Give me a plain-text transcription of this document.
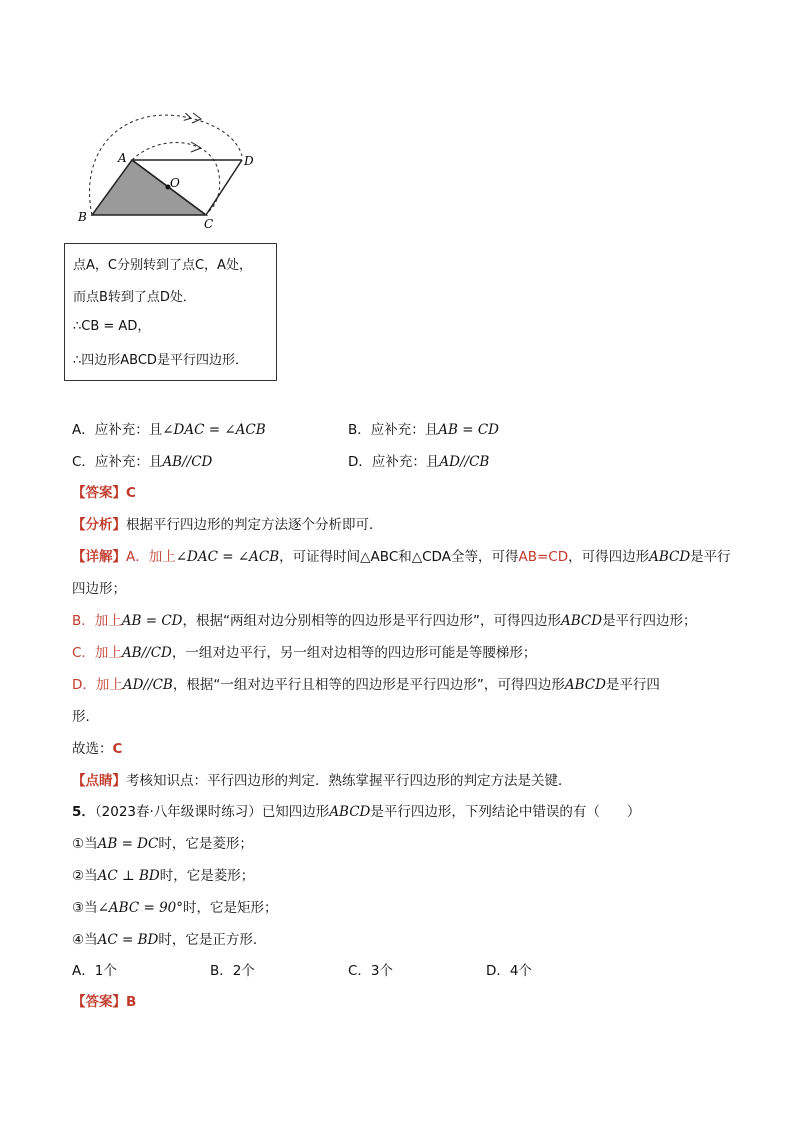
A
B	C
D
O
点A，C分别转到了点C，A处，
而点B转到了点D处．
∴CB = AD，
∴四边形ABCD是平行四边形．
A．应补充：且∠DAC = ∠ACB	B．应补充：且AB = CD
C．应补充：且AB//CD	D．应补充：且AD//CB
【答案】C
【分析】根据平行四边形的判定方法逐个分析即可．
【详解】A．加上∠DAC = ∠ACB，可证得时间△ABC和△CDA全等，可得AB=CD，可得四边形ABCD是平行
四边形；
B．加上AB = CD，根据“两组对边分别相等的四边形是平行四边形”，可得四边形ABCD是平行四边形；
C．加上AB//CD，一组对边平行，另一组对边相等的四边形可能是等腰梯形；
D．加上AD//CB，根据“一组对边平行且相等的四边形是平行四边形”，可得四边形ABCD是平行四
形．
故选：C
【点睛】考核知识点：平行四边形的判定．熟练掌握平行四边形的判定方法是关键．
5．（2023春·八年级课时练习）已知四边形ABCD是平行四边形，下列结论中错误的有（　　）
①当AB = DC时，它是菱形；
②当AC ⊥ BD时，它是菱形；
③当∠ABC = 90°时，它是矩形；
④当AC = BD时，它是正方形.
A．1个	B．2个	C．3个	D．4个
【答案】B
